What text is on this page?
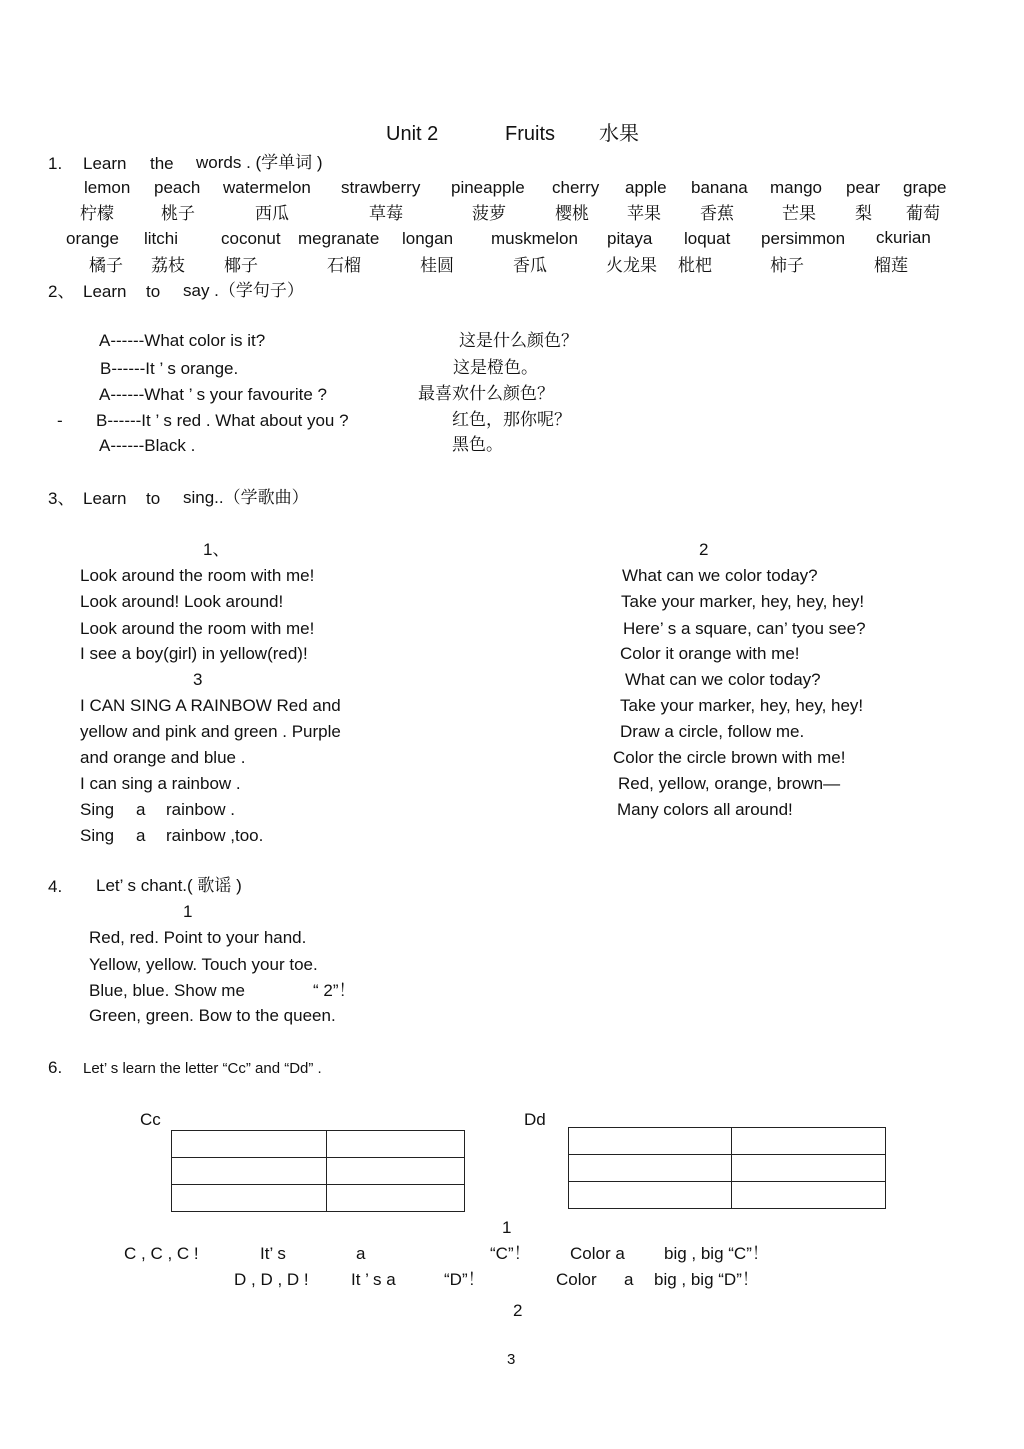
Unit 2	Fruits 水果
1. Learn the words . (学单词 )
lemon peach watermelon strawberry pineapple cherry apple banana mango pear grape
柠檬	桃子	西瓜	草莓	菠萝	樱桃 苹果 香蕉	芒果 梨 葡萄
orange litchi	coconut megranate longan muskmelon pitaya loquat persimmon ckurian
橘子 荔枝 椰子	石榴	桂圆	香瓜	火龙果 枇杷	柿子	榴莲
2、 Learn to say .（学句子）
A------What color is it?	这是什么颜色？
B------It ’ s orange.	这是橙色。
A------What ’ s your favourite ?	最喜欢什么颜色？
- B------It ’ s red . What about you ?	红色，那你呢？
A------Black .	黑色。
3、 Learn to sing..（学歌曲）
1、
Look around the room with me!
Look around! Look around!
Look around the room with me!
I see a boy(girl) in yellow(red)!
3
I CAN SING A RAINBOW Red and
yellow and pink and green . Purple
and orange and blue .
I can sing a rainbow .
Sing a rainbow .
Sing a rainbow ,too.
2
What can we color today?
Take your marker, hey, hey, hey!
Here’ s a square, can’ tyou see?
Color it orange with me!
What can we color today?
Take your marker, hey, hey, hey!
Draw a circle, follow me.
Color the circle brown with me!
Red, yellow, orange, brown—
Many colors all around!
4. Let’ s chant.( 歌谣 )
1
Red, red. Point to your hand.
Yellow, yellow. Touch your toe.
Blue, blue. Show me	“ 2”！
Green, green. Bow to the queen.
6. Let’ s learn the letter “Cc” and “Dd” .
Cc

		Dd

1
C , C , C !	It’ s	a	“C”！ Color a big , big “C”！
D , D , D ! It ’ s a	“D”！	Color a big , big “D”！
2
3
